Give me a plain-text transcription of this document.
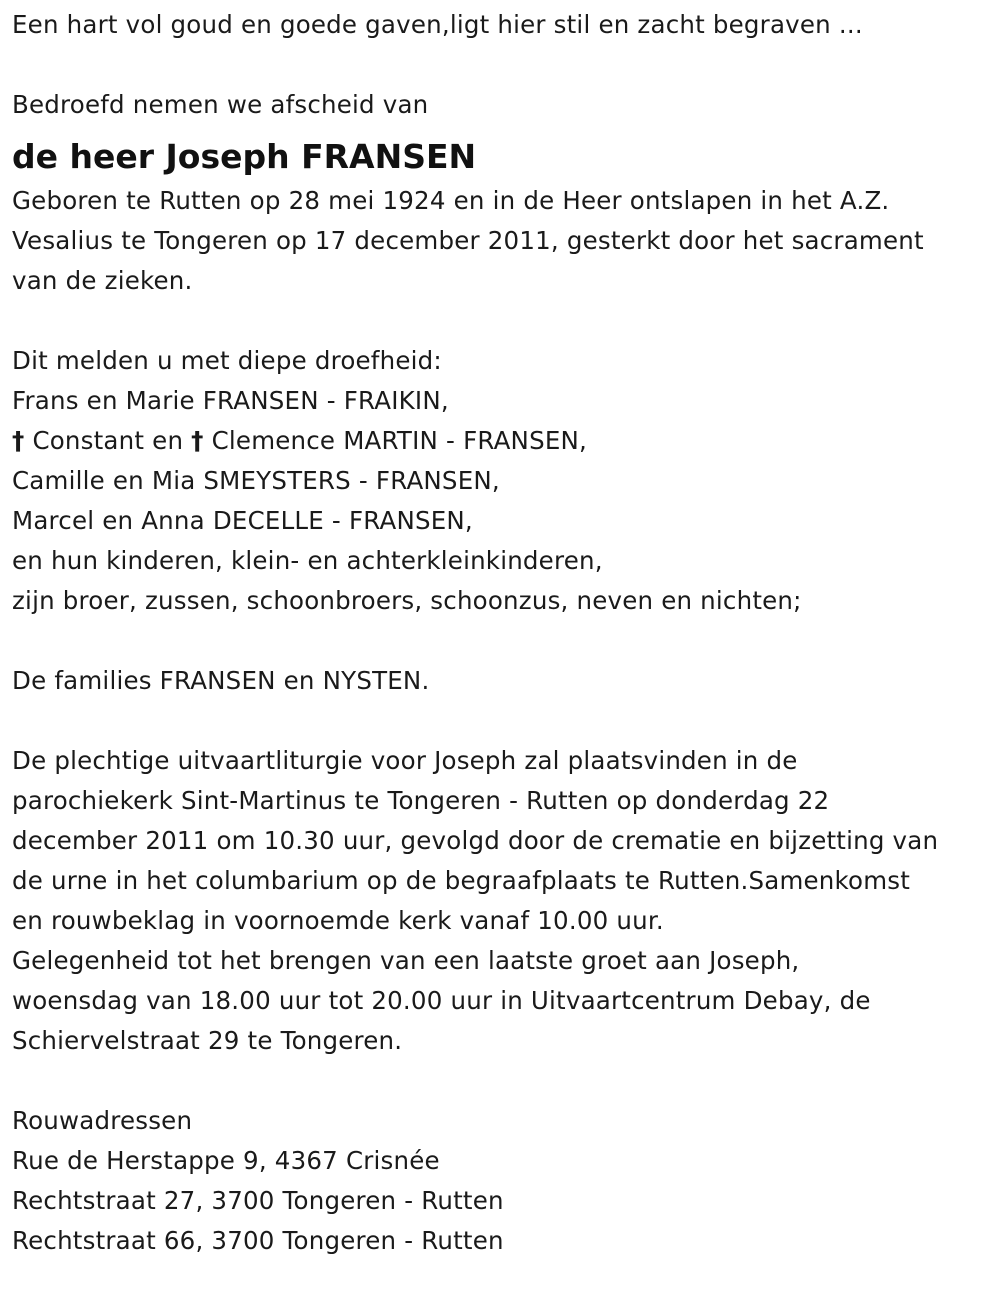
Een hart vol goud en goede gaven,ligt hier stil en zacht begraven ...
Bedroefd nemen we afscheid van
de heer Joseph FRANSEN
Geboren te Rutten op 28 mei 1924 en in de Heer ontslapen in het A.Z.
Vesalius te Tongeren op 17 december 2011, gesterkt door het sacrament
van de zieken.
Dit melden u met diepe droefheid:
Frans en Marie FRANSEN - FRAIKIN,
† Constant en † Clemence MARTIN - FRANSEN,
Camille en Mia SMEYSTERS - FRANSEN,
Marcel en Anna DECELLE - FRANSEN,
en hun kinderen, klein- en achterkleinkinderen,
zijn broer, zussen, schoonbroers, schoonzus, neven en nichten;
De families FRANSEN en NYSTEN.
De plechtige uitvaartliturgie voor Joseph zal plaatsvinden in de
parochiekerk Sint-Martinus te Tongeren - Rutten op donderdag 22
december 2011 om 10.30 uur, gevolgd door de crematie en bijzetting van
de urne in het columbarium op de begraafplaats te Rutten.Samenkomst
en rouwbeklag in voornoemde kerk vanaf 10.00 uur.
Gelegenheid tot het brengen van een laatste groet aan Joseph,
woensdag van 18.00 uur tot 20.00 uur in Uitvaartcentrum Debay, de
Schiervelstraat 29 te Tongeren.
Rouwadressen
Rue de Herstappe 9, 4367 Crisnée
Rechtstraat 27, 3700 Tongeren - Rutten
Rechtstraat 66, 3700 Tongeren - Rutten
